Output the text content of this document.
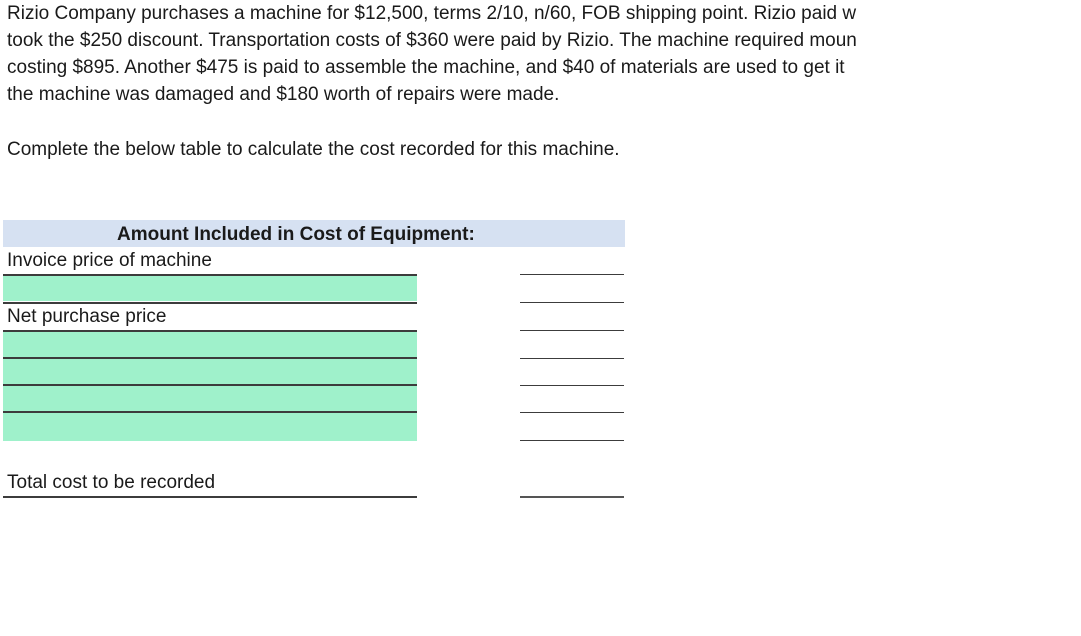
Rizio Company purchases a machine for $12,500, terms 2/10, n/60, FOB shipping point. Rizio paid w
took the $250 discount. Transportation costs of $360 were paid by Rizio. The machine required moun
costing $895. Another $475 is paid to assemble the machine, and $40 of materials are used to get it
the machine was damaged and $180 worth of repairs were made.
Complete the below table to calculate the cost recorded for this machine.
Amount Included in Cost of Equipment:
Invoice price of machine
Net purchase price
Total cost to be recorded
